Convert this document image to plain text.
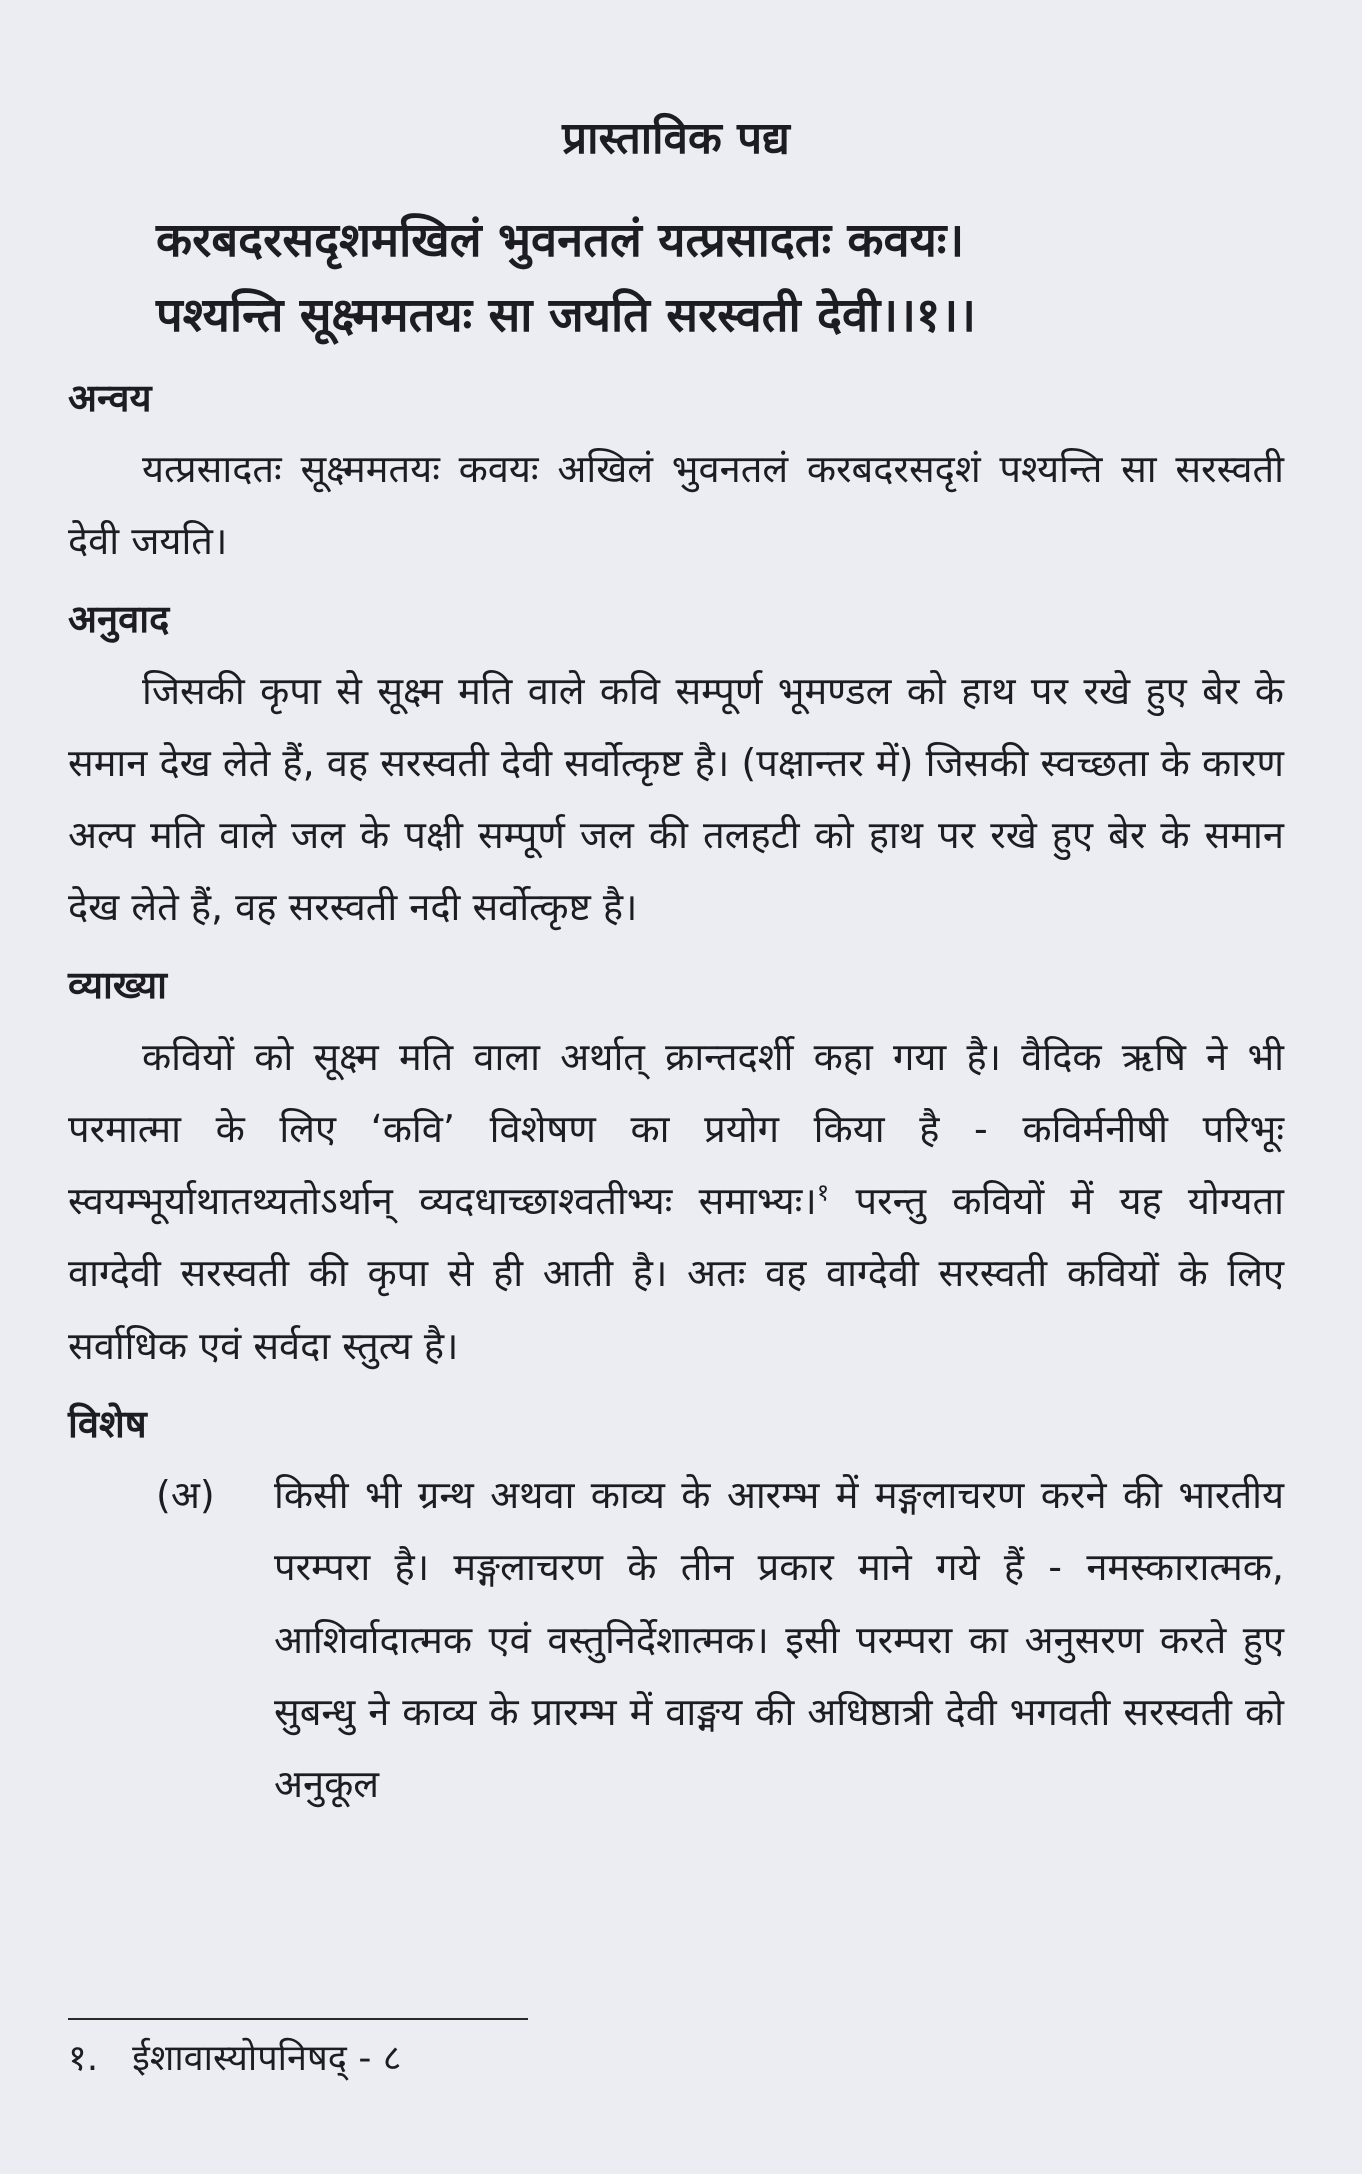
प्रास्ताविक पद्य
करबदरसदृशमखिलं भुवनतलं यत्प्रसादतः कवयः।
पश्यन्ति सूक्ष्ममतयः सा जयति सरस्वती देवी।।१।।
अन्वय

यत्प्रसादतः सूक्ष्ममतयः कवयः अखिलं भुवनतलं करबदरसदृशं पश्यन्ति सा सरस्वती देवी जयति।

अनुवाद

जिसकी कृपा से सूक्ष्म मति वाले कवि सम्पूर्ण भूमण्डल को हाथ पर रखे हुए बेर के समान देख लेते हैं, वह सरस्वती देवी सर्वोत्कृष्ट है। (पक्षान्तर में) जिसकी स्वच्छता के कारण अल्प मति वाले जल के पक्षी सम्पूर्ण जल की तलहटी को हाथ पर रखे हुए बेर के समान देख लेते हैं, वह सरस्वती नदी सर्वोत्कृष्ट है।

व्याख्या

कवियों को सूक्ष्म मति वाला अर्थात् क्रान्तदर्शी कहा गया है। वैदिक ऋषि ने भी परमात्मा के लिए ‘कवि’ विशेषण का प्रयोग किया है - कविर्मनीषी परिभूः स्वयम्भूर्याथातथ्यतोऽर्थान् व्यदधाच्छाश्वतीभ्यः समाभ्यः।$^१$ परन्तु कवियों में यह योग्यता वाग्देवी सरस्वती की कृपा से ही आती है। अतः वह वाग्देवी सरस्वती कवियों के लिए सर्वाधिक एवं सर्वदा स्तुत्य है।

विशेष
(अ)	किसी भी ग्रन्थ अथवा काव्य के आरम्भ में मङ्गलाचरण करने की भारतीय परम्परा है। मङ्गलाचरण के तीन प्रकार माने गये हैं - नमस्कारात्मक, आशिर्वादात्मक एवं वस्तुनिर्देशात्मक। इसी परम्परा का अनुसरण करते हुए सुबन्धु ने काव्य के प्रारम्भ में वाङ्मय की अधिष्ठात्री देवी भगवती सरस्वती को अनुकूल
१. ईशावास्योपनिषद् - ८
